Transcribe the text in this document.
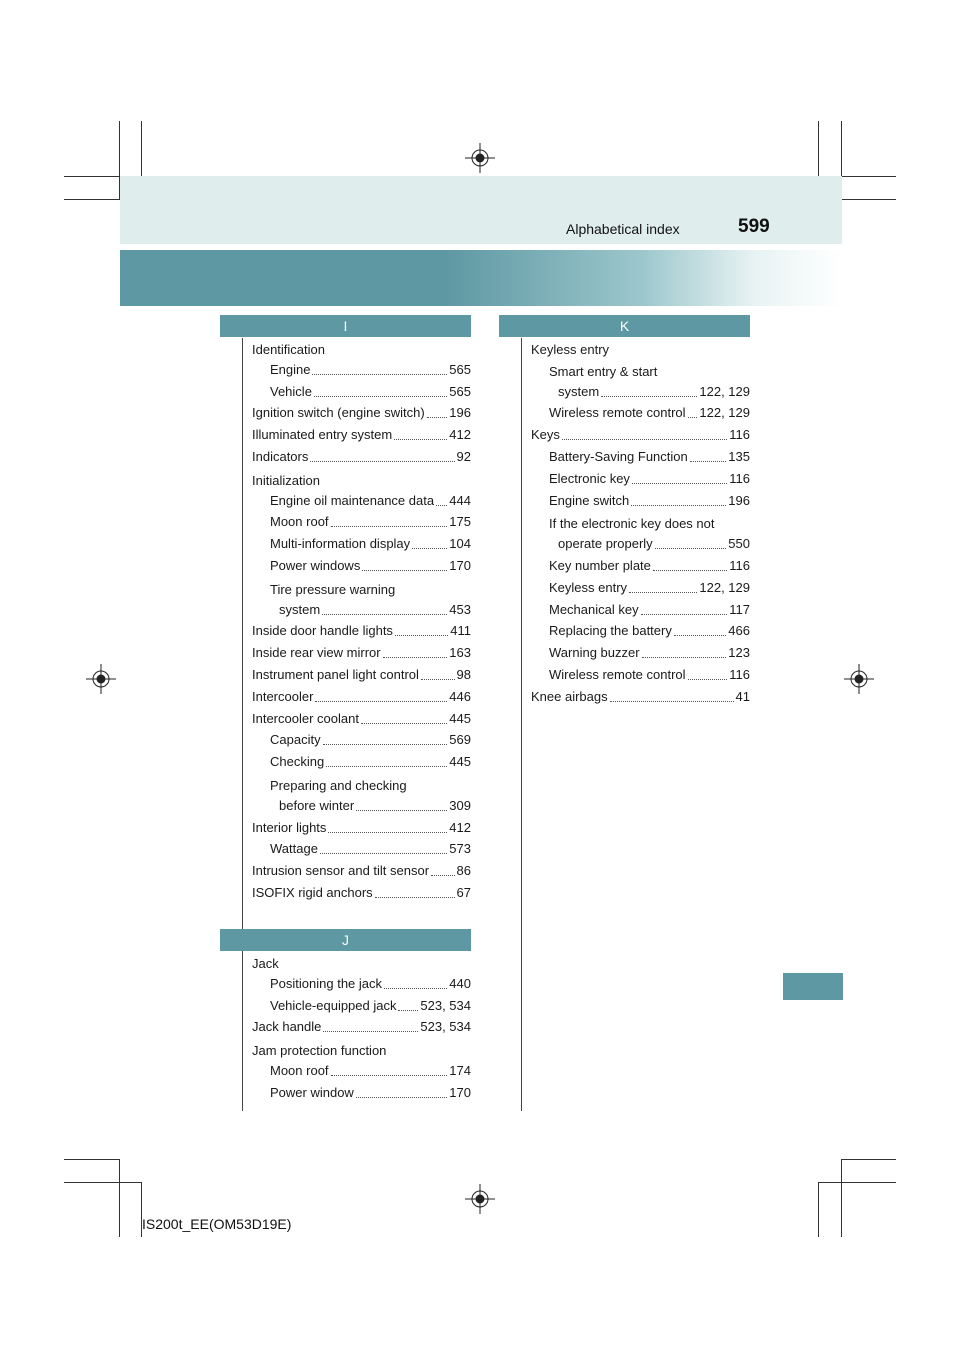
Alphabetical index	599
I
J
K
Identification
Engine	565
Vehicle	565
Ignition switch (engine switch) 196
Illuminated entry system	412
Indicators	92
Initialization
Engine oil maintenance data 444
Moon roof	175
Multi-information display	104
Power windows	170
Tire pressure warning
system	453
Inside door handle lights	411
Inside rear view mirror	163
Instrument panel light control	98
Intercooler	446
Intercooler coolant	445
Capacity	569
Checking	445
Preparing and checking
before winter	309
Interior lights	412
Wattage	573
Intrusion sensor and tilt sensor 86
ISOFIX rigid anchors	67
Jack
Positioning the jack	440
Vehicle-equipped jack 523, 534
Jack handle	523, 534
Jam protection function
Moon roof	174
Power window	170
Keyless entry
Smart entry & start
system	122, 129
Wireless remote control 122, 129
Keys	116
Battery-Saving Function	135
Electronic key	116
Engine switch	196
If the electronic key does not
operate properly	550
Key number plate	116
Keyless entry	122, 129
Mechanical key	117
Replacing the battery	466
Warning buzzer	123
Wireless remote control	116
Knee airbags	41
IS200t_EE(OM53D19E)
